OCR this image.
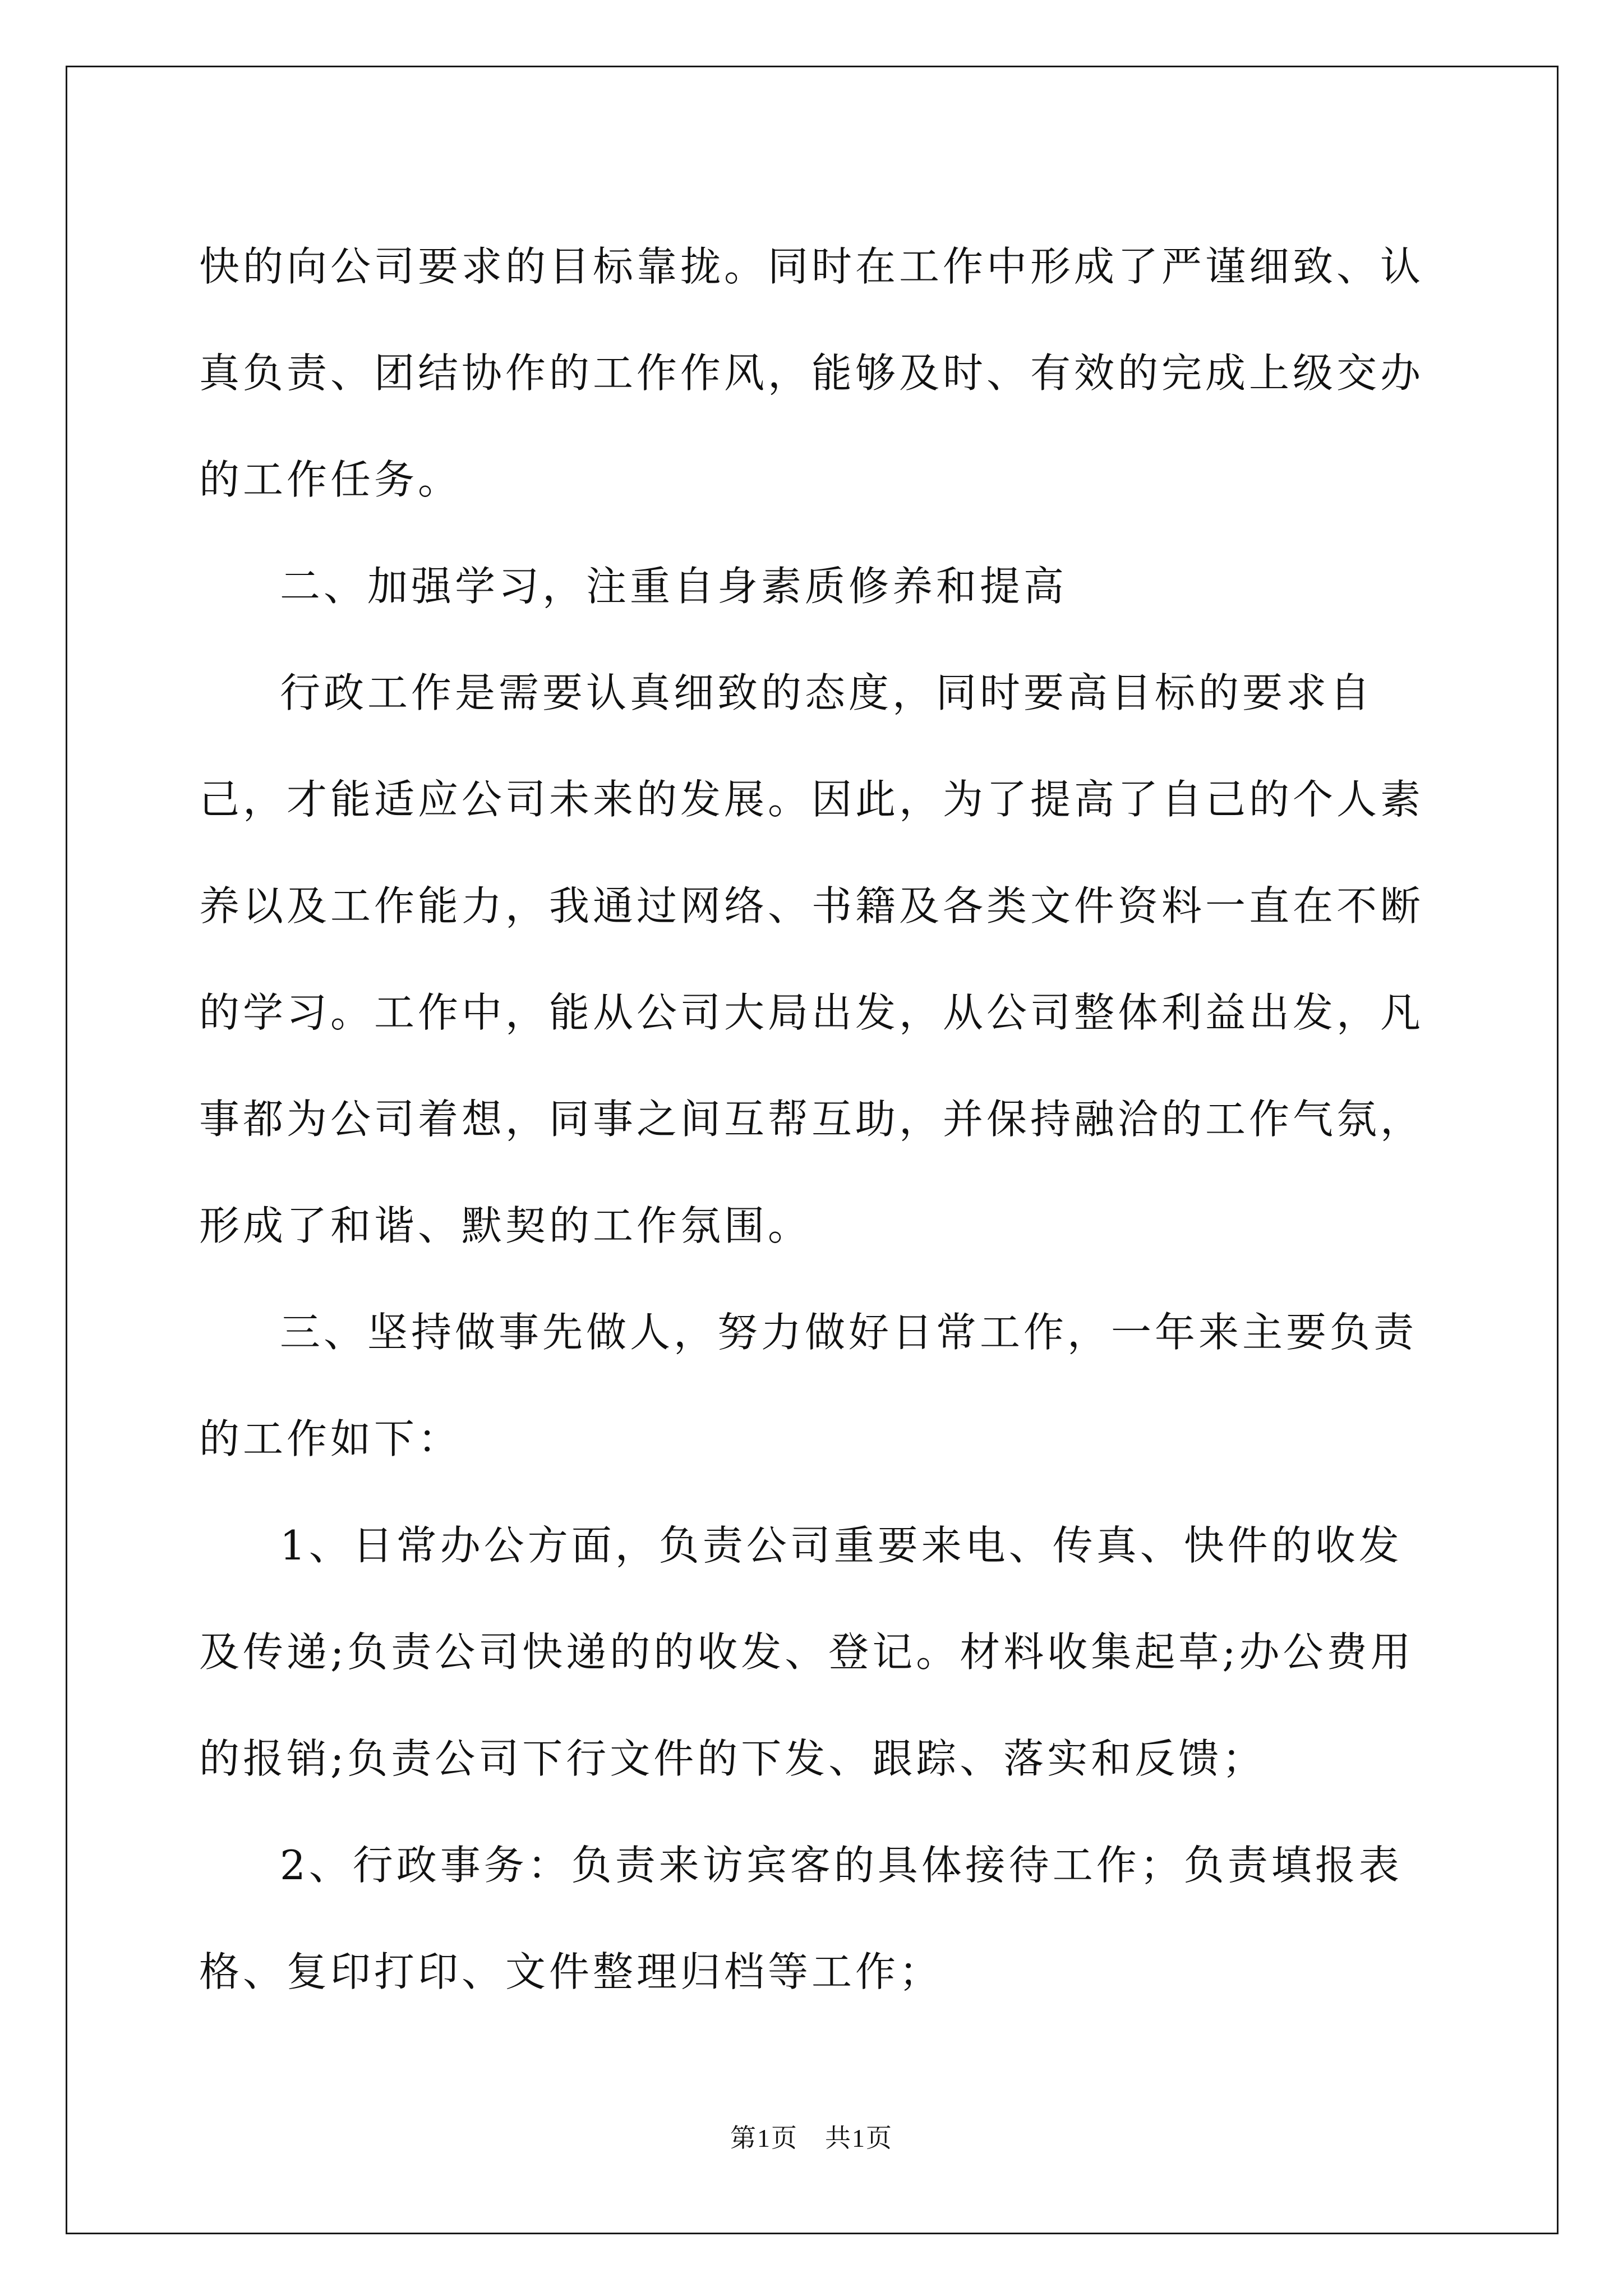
快的向公司要求的目标靠拢。同时在工作中形成了严谨细致、认真负责、团结协作的工作作风，能够及时、有效的完成上级交办的工作任务。

二、加强学习，注重自身素质修养和提高

行政工作是需要认真细致的态度，同时要高目标的要求自己，才能适应公司未来的发展。因此，为了提高了自己的个人素养以及工作能力，我通过网络、书籍及各类文件资料一直在不断的学习。工作中，能从公司大局出发，从公司整体利益出发，凡事都为公司着想，同事之间互帮互助，并保持融洽的工作气氛，形成了和谐、默契的工作氛围。

三、坚持做事先做人，努力做好日常工作，一年来主要负责的工作如下：

1、日常办公方面，负责公司重要来电、传真、快件的收发及传递;负责公司快递的的收发、登记。材料收集起草;办公费用的报销;负责公司下行文件的下发、跟踪、落实和反馈；

2、行政事务：负责来访宾客的具体接待工作；负责填报表格、复印打印、文件整理归档等工作；

第1页　共1页
